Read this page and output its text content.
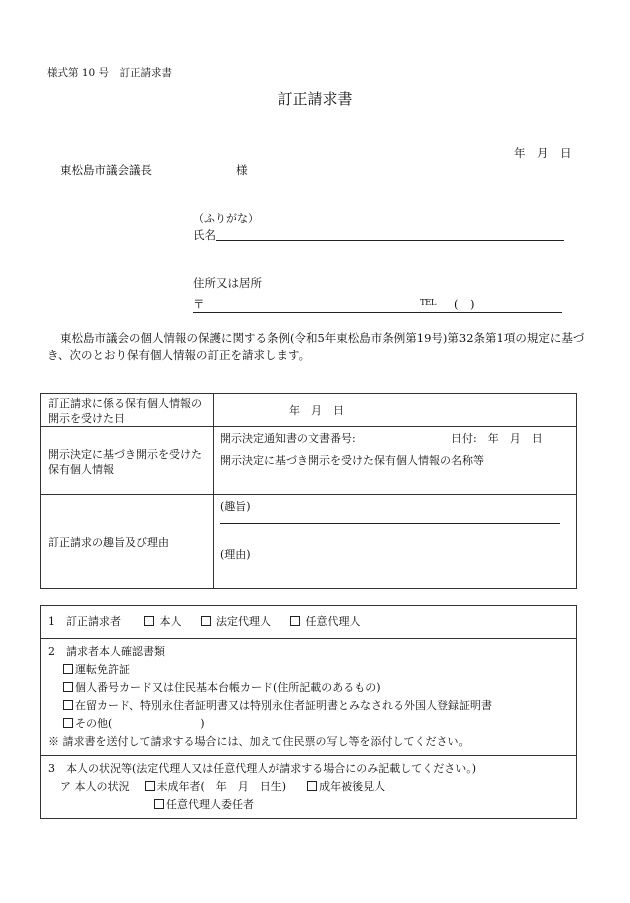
様式第 10 号　訂正請求書
訂正請求書
年　月　日
東松島市議会議長	様
（ふりがな）
氏名
住所又は居所
〒	TEL (　)
東松島市議会の個人情報の保護に関する条例(令和5年東松島市条例第19号)第32条第1項の規定に基づき、次のとおり保有個人情報の訂正を請求します。
訂正請求に係る保有個人情報の開示を受けた日	年　月　日

開示決定に基づき開示を受けた保有個人情報	開示決定通知書の文書番号: 日付:　年　月　日
開示決定に基づき開示を受けた保有個人情報の名称等

訂正請求の趣旨及び理由	(趣旨)
(理由)
1　訂正請求者	本人	法定代理人	任意代理人

2　請求者本人確認書類
運転免許証
個人番号カード又は住民基本台帳カード(住所記載のあるもの)
在留カード、特別永住者証明書又は特別永住者証明書とみなされる外国人登録証明書
その他(　　　　　　　　)
※ 請求書を送付して請求する場合には、加えて住民票の写し等を添付してください。

3　本人の状況等(法定代理人又は任意代理人が請求する場合にのみ記載してください。)
ア 本人の状況 未成年者(　年　月　日生)	成年被後見人
任意代理人委任者
